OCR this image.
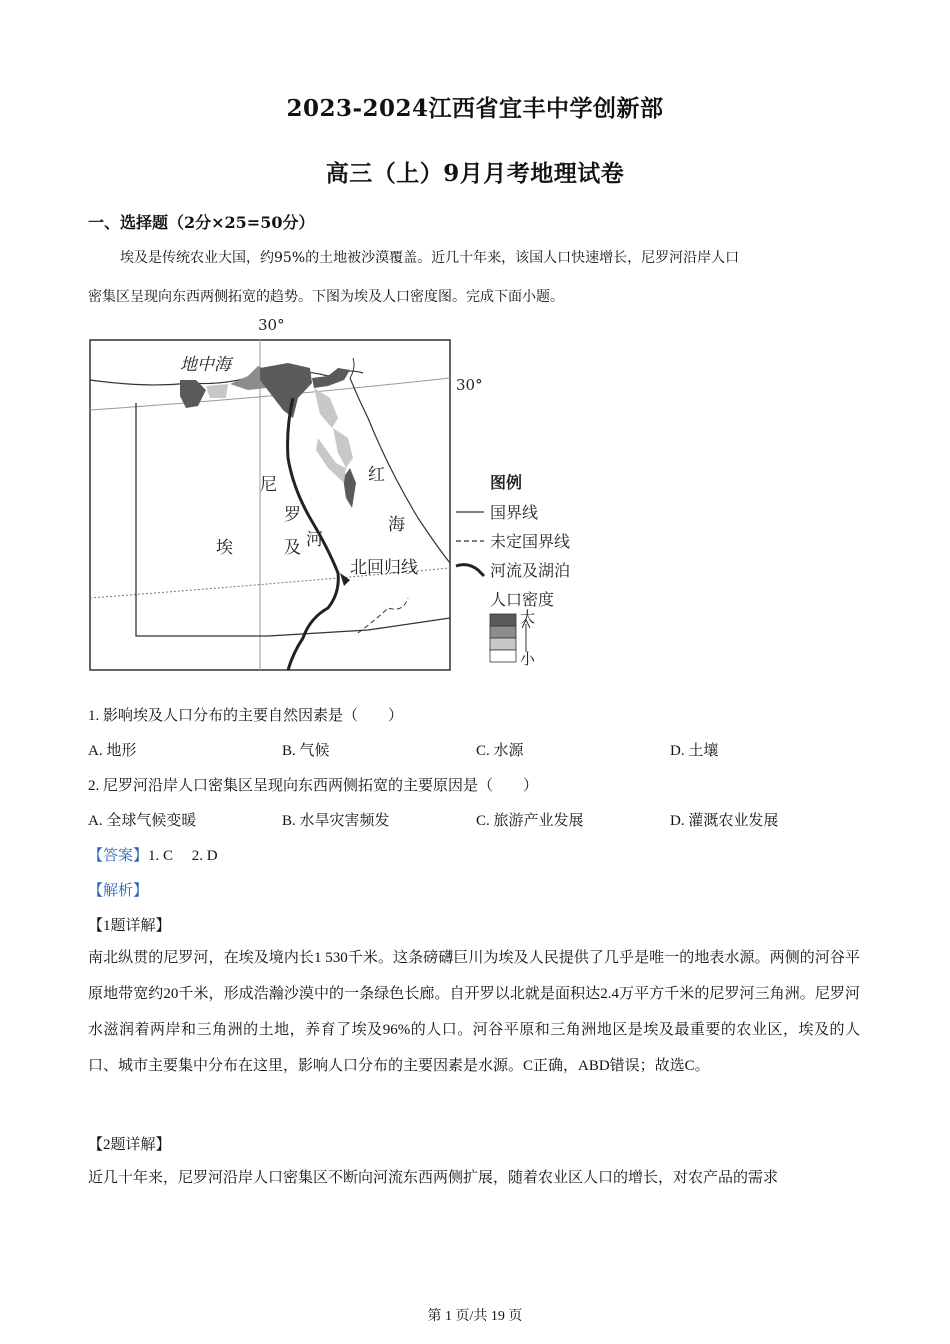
2023-2024江西省宜丰中学创新部
高三（上）9月月考地理试卷
一、选择题（2分×25=50分）
埃及是传统农业大国，约95%的土地被沙漠覆盖。近几十年来，该国人口快速增长，尼罗河沿岸人口
密集区呈现向东西两侧拓宽的趋势。下图为埃及人口密度图。完成下面小题。
30°
30°
地中海
埃	及
尼
罗
河
红
海
北回归线
图例
国界线
未定国界线
河流及湖泊
人口密度
大
小
1. 影响埃及人口分布的主要自然因素是（　　）
A. 地形	B. 气候	C. 水源	D. 土壤
2. 尼罗河沿岸人口密集区呈现向东西两侧拓宽的主要原因是（　　）
A. 全球气候变暖	B. 水旱灾害频发	C. 旅游产业发展	D. 灌溉农业发展
【答案】1. C　 2. D
【解析】
【1题详解】
南北纵贯的尼罗河，在埃及境内长1 530千米。这条磅礴巨川为埃及人民提供了几乎是唯一的地表水源。两侧的河谷平原地带宽约20千米，形成浩瀚沙漠中的一条绿色长廊。自开罗以北就是面积达2.4万平方千米的尼罗河三角洲。尼罗河水滋润着两岸和三角洲的土地，养育了埃及96%的人口。河谷平原和三角洲地区是埃及最重要的农业区，埃及的人口、城市主要集中分布在这里，影响人口分布的主要因素是水源。C正确，ABD错误；故选C。
【2题详解】
近几十年来，尼罗河沿岸人口密集区不断向河流东西两侧扩展，随着农业区人口的增长，对农产品的需求
第 1 页/共 19 页
